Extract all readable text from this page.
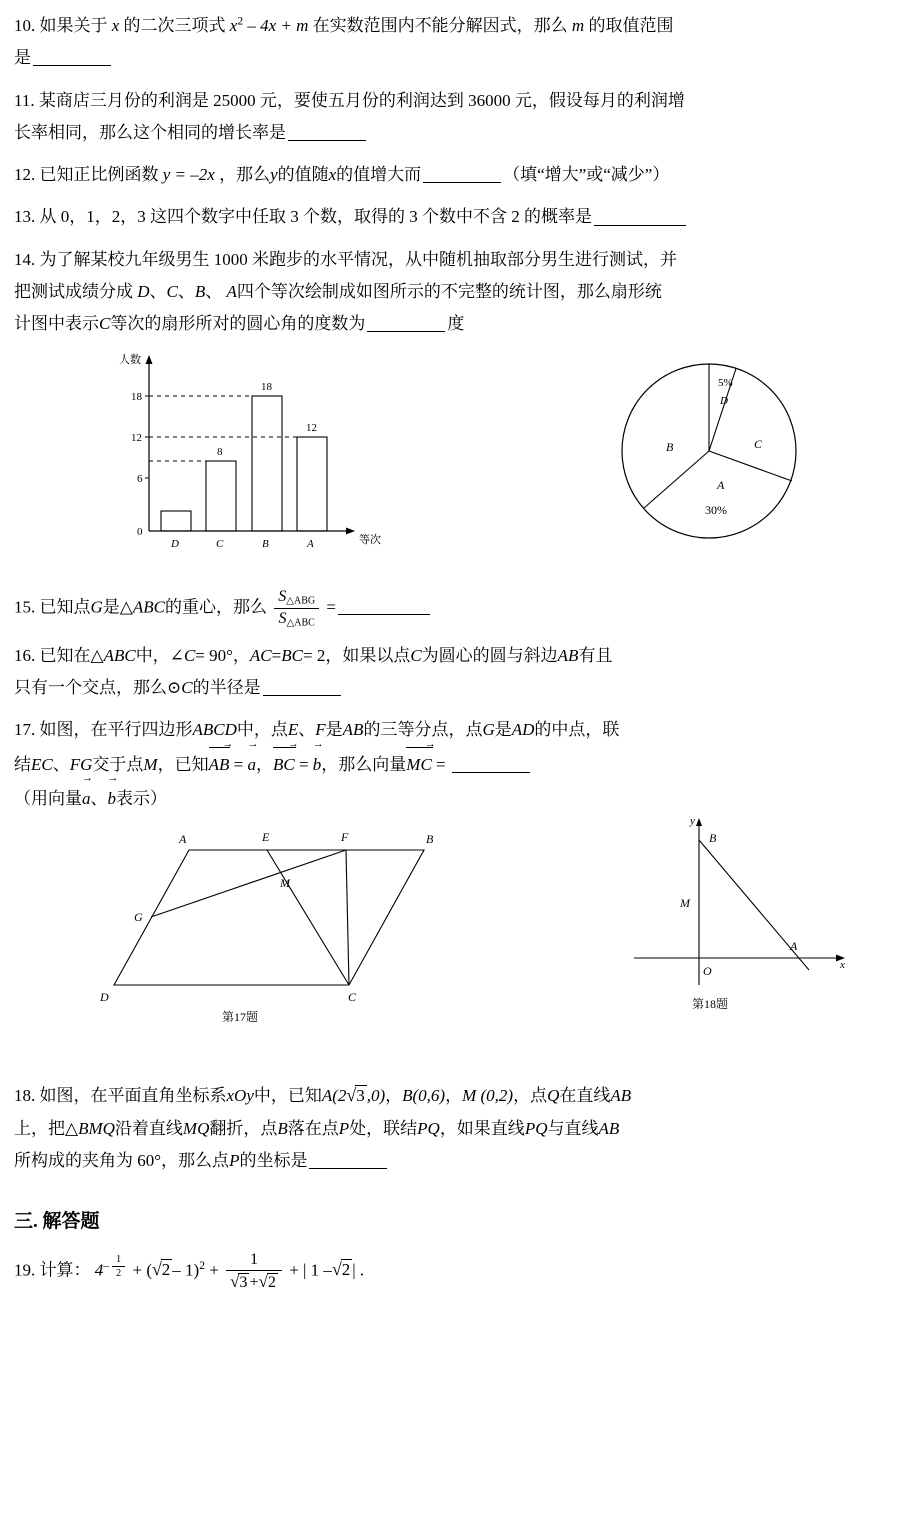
10. 如果关于 x 的二次三项式 $x^2 - 4x + m$ 在实数范围内不能分解因式，那么 m 的取值范围
是

11. 某商店三月份的利润是 25000 元，要使五月份的利润达到 36000 元，假设每月的利润增
长率相同，那么这个相同的增长率是

12. 已知正比例函数 y = –2x ，那么y的值随x的值增大而	（填“增大”或“减少”）

13. 从 0，1，2，3 这四个数字中任取 3 个数，取得的 3 个数中不含 2 的概率是

14. 为了解某校九年级男生 1000 米跑步的水平情况，从中随机抽取部分男生进行测试，并
把测试成绩分成 D、C、B、 A四个等次绘制成如图所示的不完整的统计图，那么扇形统
计图中表示C等次的扇形所对的圆心角的度数为	度

人数
等次
18
12
6
0
8
18
12
D	C	B	A
5%
D
B	C
A
30%

15. 已知点G是△ABC的重心，那么 $\frac{S_{\triangle ABG}}{S_{\triangle ABC}}$ =

16. 已知在△ABC中，∠C= 90°，AC=BC= 2，如果以点C为圆心的圆与斜边AB有且
只有一个交点，那么⊙C的半径是

17. 如图，在平行四边形ABCD中，点E、F是AB的三等分点，点G是AD的中点，联
结EC、FG交于点M，已知
→
AB =
→
a，
→
BC =
→
b，那么向量
→
MC =
（用向量
→
a、
→
b表示）

A	E	F	B
M
G
D	C
第17题
y
B
M
A
O	x
第18题

18. 如图，在平面直角坐标系xOy中，已知A(2√3 ,0)，B(0,6)，M (0,2)，点Q在直线AB
上，把△BMQ沿着直线MQ翻折，点B落在点P处，联结PQ，如果直线PQ与直线AB
所构成的夹角为 60°，那么点P的坐标是

三. 解答题

19. 计算： $4^{- \frac{1}{2}} + (√2 - 1)^2 + \frac{1}{√3 +√2}$ + | 1 –√2 | .
